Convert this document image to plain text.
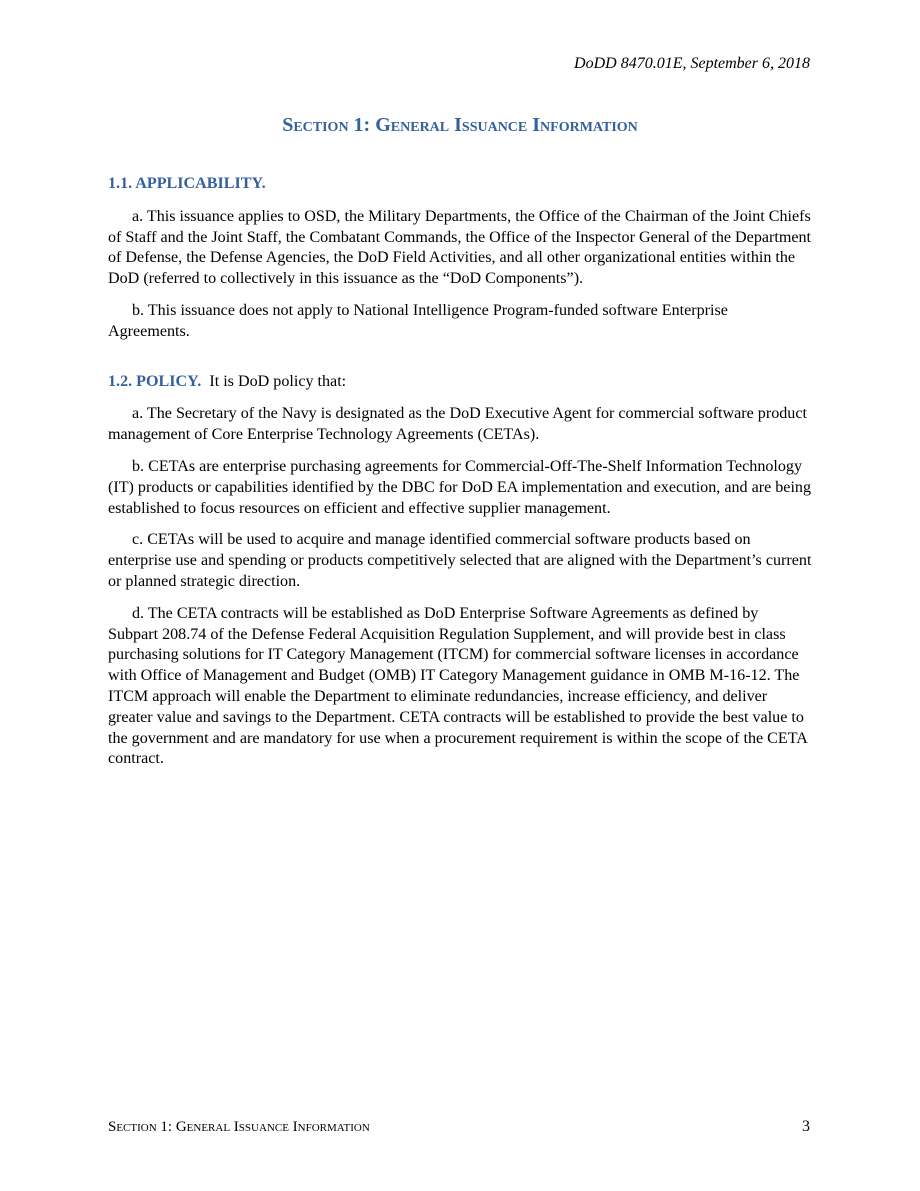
DoDD 8470.01E, September 6, 2018
Section 1: General Issuance Information

1.1. APPLICABILITY.

a. This issuance applies to OSD, the Military Departments, the Office of the Chairman of the Joint Chiefs of Staff and the Joint Staff, the Combatant Commands, the Office of the Inspector General of the Department of Defense, the Defense Agencies, the DoD Field Activities, and all other organizational entities within the DoD (referred to collectively in this issuance as the “DoD Components”).

b. This issuance does not apply to National Intelligence Program-funded software Enterprise Agreements.

1.2. POLICY. It is DoD policy that:

a. The Secretary of the Navy is designated as the DoD Executive Agent for commercial software product management of Core Enterprise Technology Agreements (CETAs).

b. CETAs are enterprise purchasing agreements for Commercial-Off-The-Shelf Information Technology (IT) products or capabilities identified by the DBC for DoD EA implementation and execution, and are being established to focus resources on efficient and effective supplier management.

c. CETAs will be used to acquire and manage identified commercial software products based on enterprise use and spending or products competitively selected that are aligned with the Department’s current or planned strategic direction.

d. The CETA contracts will be established as DoD Enterprise Software Agreements as defined by Subpart 208.74 of the Defense Federal Acquisition Regulation Supplement, and will provide best in class purchasing solutions for IT Category Management (ITCM) for commercial software licenses in accordance with Office of Management and Budget (OMB) IT Category Management guidance in OMB M-16-12. The ITCM approach will enable the Department to eliminate redundancies, increase efficiency, and deliver greater value and savings to the Department. CETA contracts will be established to provide the best value to the government and are mandatory for use when a procurement requirement is within the scope of the CETA contract.

Section 1: General Issuance Information	3
